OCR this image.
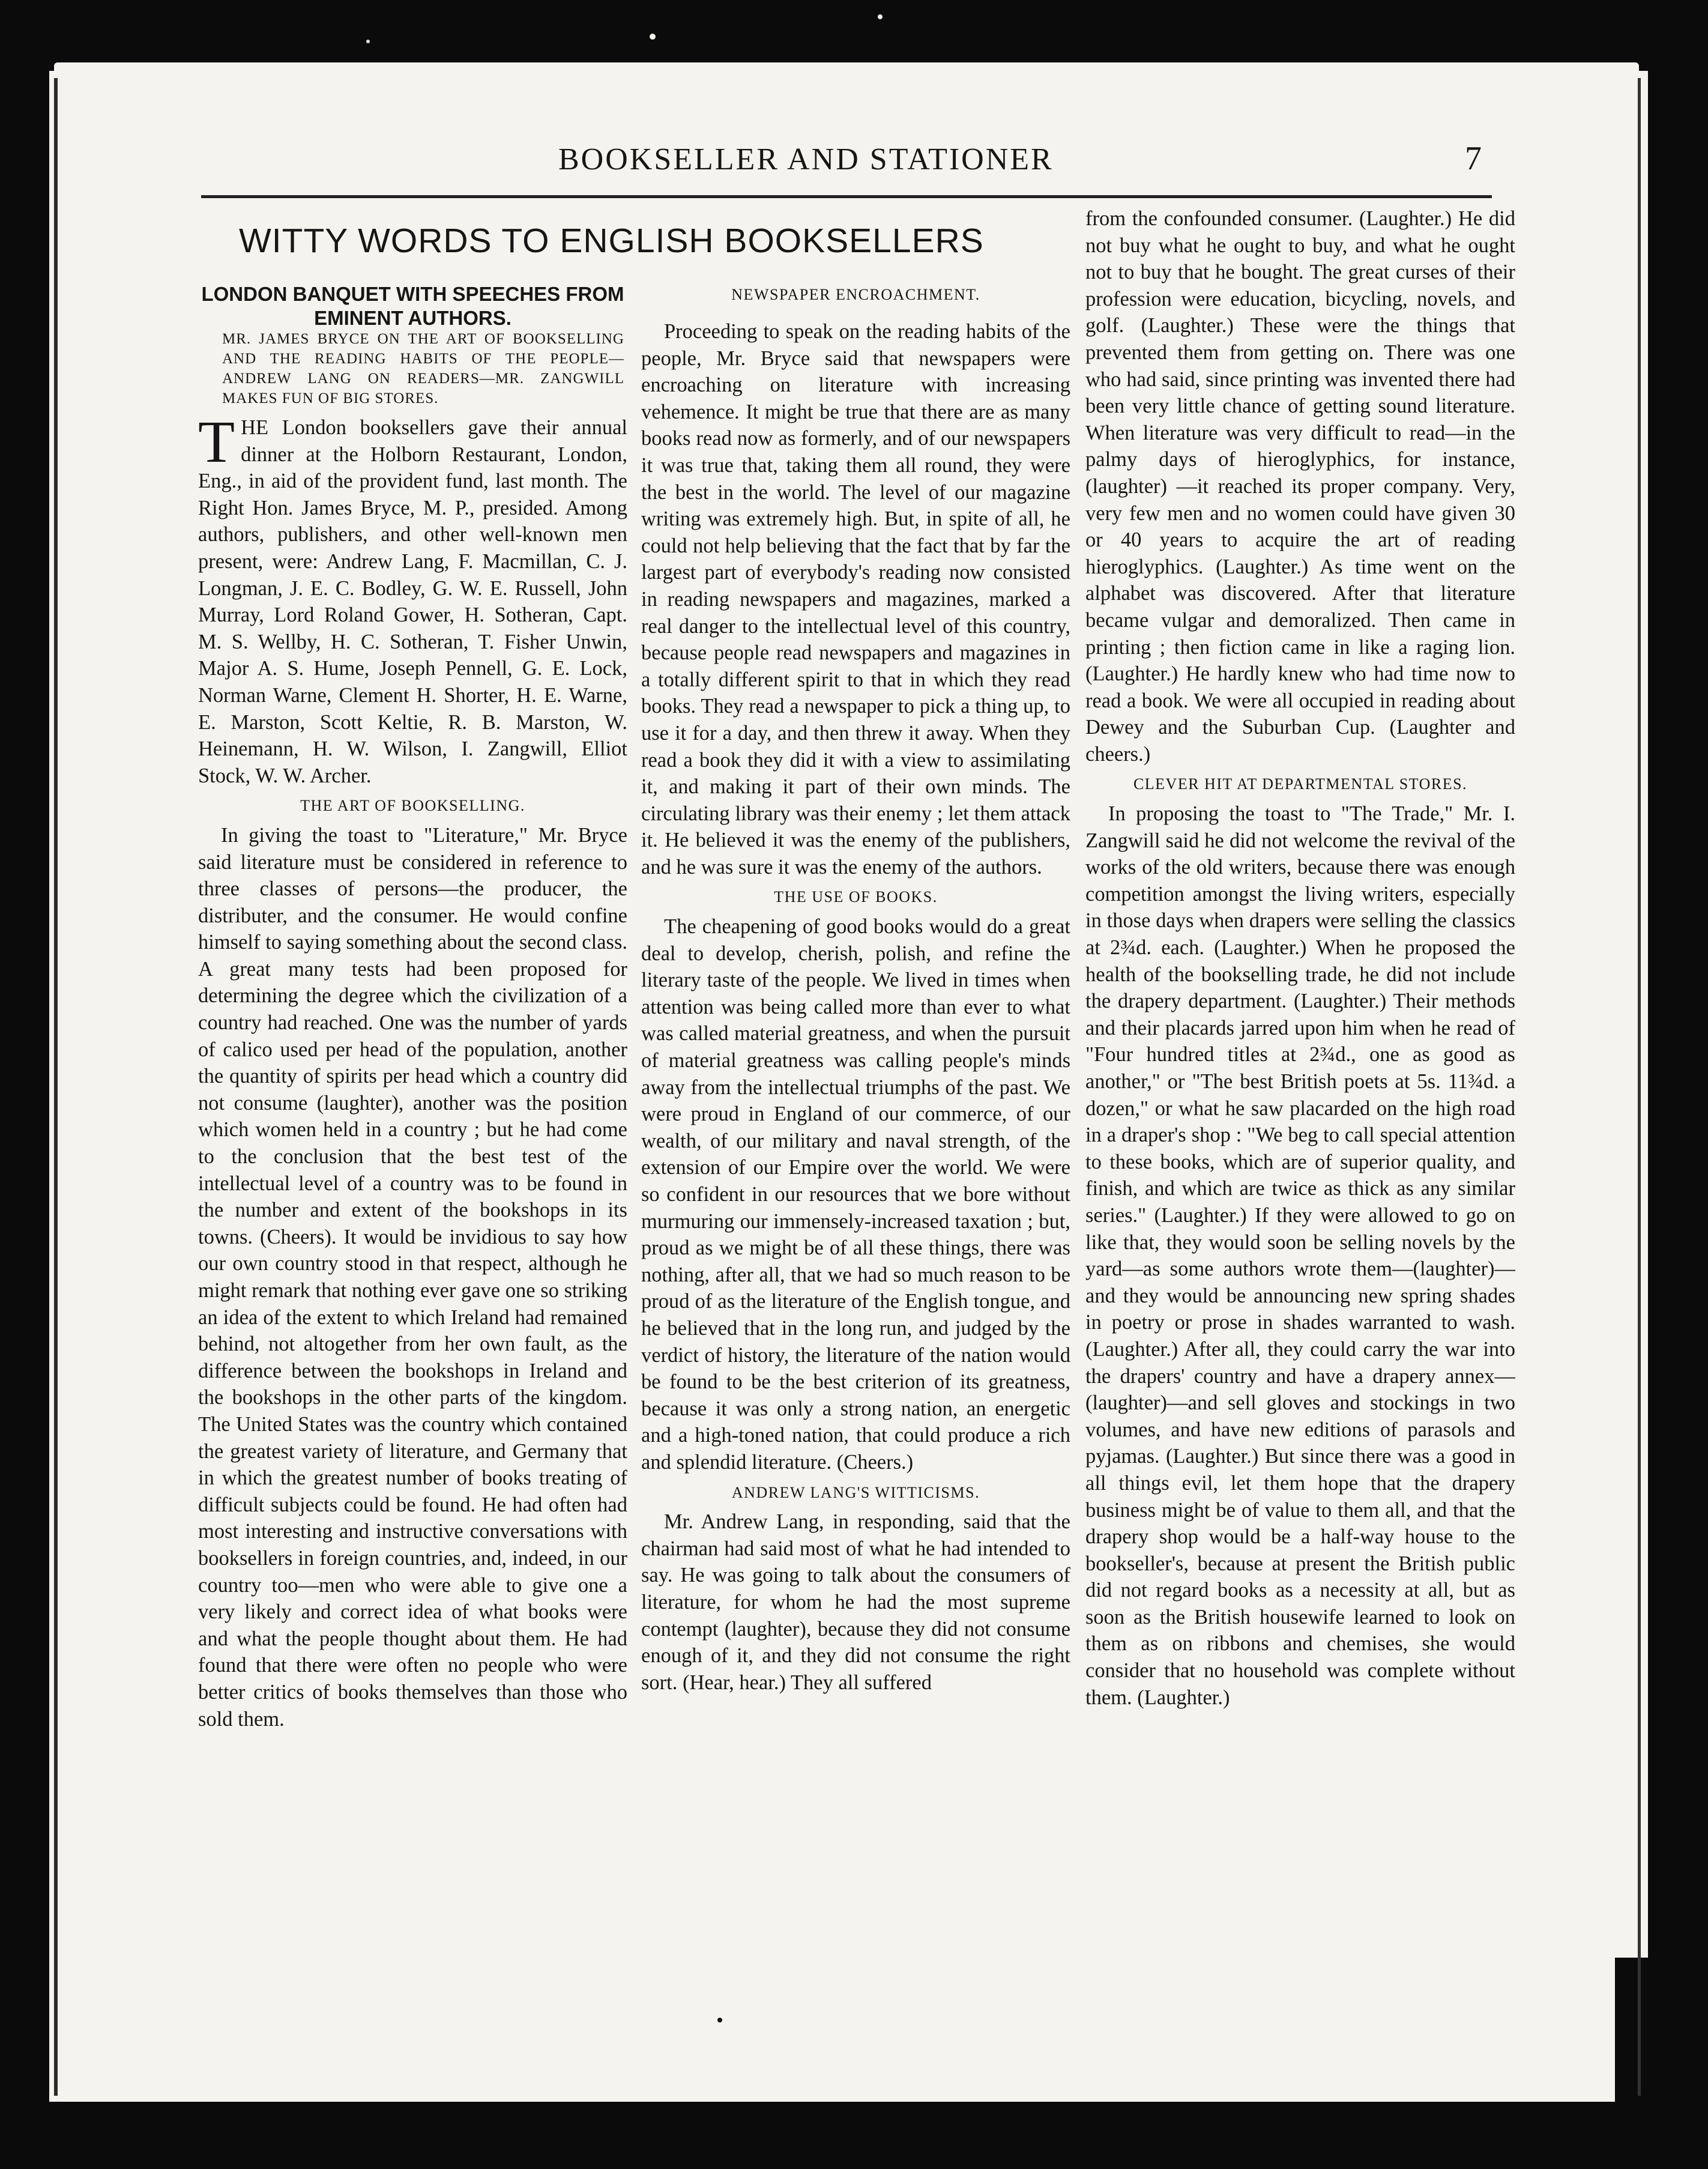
BOOKSELLER AND STATIONER	7
WITTY WORDS TO ENGLISH BOOKSELLERS
LONDON BANQUET WITH SPEECHES FROM EMINENT AUTHORS.
MR. JAMES BRYCE ON THE ART OF BOOKSELLING AND THE READING HABITS OF THE PEOPLE—ANDREW LANG ON READERS—MR. ZANGWILL MAKES FUN OF BIG STORES.

THE London booksellers gave their annual dinner at the Holborn Restaurant, London, Eng., in aid of the provident fund, last month. The Right Hon. James Bryce, M. P., presided. Among authors, publishers, and other well-known men present, were: Andrew Lang, F. Macmillan, C. J. Longman, J. E. C. Bodley, G. W. E. Russell, John Murray, Lord Roland Gower, H. Sotheran, Capt. M. S. Wellby, H. C. Sotheran, T. Fisher Unwin, Major A. S. Hume, Joseph Pennell, G. E. Lock, Norman Warne, Clement H. Shorter, H. E. Warne, E. Marston, Scott Keltie, R. B. Marston, W. Heinemann, H. W. Wilson, I. Zangwill, Elliot Stock, W. W. Archer.

THE ART OF BOOKSELLING.

In giving the toast to "Literature," Mr. Bryce said literature must be considered in reference to three classes of persons—the producer, the distributer, and the consumer. He would confine himself to saying something about the second class. A great many tests had been proposed for determining the degree which the civilization of a country had reached. One was the number of yards of calico used per head of the population, another the quantity of spirits per head which a country did not consume (laughter), another was the position which women held in a country ; but he had come to the conclusion that the best test of the intellectual level of a country was to be found in the number and extent of the bookshops in its towns. (Cheers). It would be invidious to say how our own country stood in that respect, although he might remark that nothing ever gave one so striking an idea of the extent to which Ireland had remained behind, not altogether from her own fault, as the difference between the bookshops in Ireland and the bookshops in the other parts of the kingdom. The United States was the country which contained the greatest variety of literature, and Germany that in which the greatest number of books treating of difficult subjects could be found. He had often had most interesting and instructive conversations with booksellers in foreign countries, and, indeed, in our country too—men who were able to give one a very likely and correct idea of what books were and what the people thought about them. He had found that there were often no people who were better critics of books themselves than those who sold them.

NEWSPAPER ENCROACHMENT.

Proceeding to speak on the reading habits of the people, Mr. Bryce said that newspapers were encroaching on literature with increasing vehemence. It might be true that there are as many books read now as formerly, and of our newspapers it was true that, taking them all round, they were the best in the world. The level of our magazine writing was extremely high. But, in spite of all, he could not help believing that the fact that by far the largest part of everybody's reading now consisted in reading newspapers and magazines, marked a real danger to the intellectual level of this country, because people read newspapers and magazines in a totally different spirit to that in which they read books. They read a newspaper to pick a thing up, to use it for a day, and then threw it away. When they read a book they did it with a view to assimilating it, and making it part of their own minds. The circulating library was their enemy ; let them attack it. He believed it was the enemy of the publishers, and he was sure it was the enemy of the authors.

THE USE OF BOOKS.

The cheapening of good books would do a great deal to develop, cherish, polish, and refine the literary taste of the people. We lived in times when attention was being called more than ever to what was called material greatness, and when the pursuit of material greatness was calling people's minds away from the intellectual triumphs of the past. We were proud in England of our commerce, of our wealth, of our military and naval strength, of the extension of our Empire over the world. We were so confident in our resources that we bore without murmuring our immensely-increased taxation ; but, proud as we might be of all these things, there was nothing, after all, that we had so much reason to be proud of as the literature of the English tongue, and he believed that in the long run, and judged by the verdict of history, the literature of the nation would be found to be the best criterion of its greatness, because it was only a strong nation, an energetic and a high-toned nation, that could produce a rich and splendid literature. (Cheers.)

ANDREW LANG'S WITTICISMS.

Mr. Andrew Lang, in responding, said that the chairman had said most of what he had intended to say. He was going to talk about the consumers of literature, for whom he had the most supreme contempt (laughter), because they did not consume enough of it, and they did not consume the right sort. (Hear, hear.) They all suffered

from the confounded consumer. (Laughter.) He did not buy what he ought to buy, and what he ought not to buy that he bought. The great curses of their profession were education, bicycling, novels, and golf. (Laughter.) These were the things that prevented them from getting on. There was one who had said, since printing was invented there had been very little chance of getting sound literature. When literature was very difficult to read—in the palmy days of hieroglyphics, for instance, (laughter) —it reached its proper company. Very, very few men and no women could have given 30 or 40 years to acquire the art of reading hieroglyphics. (Laughter.) As time went on the alphabet was discovered. After that literature became vulgar and demoralized. Then came in printing ; then fiction came in like a raging lion. (Laughter.) He hardly knew who had time now to read a book. We were all occupied in reading about Dewey and the Suburban Cup. (Laughter and cheers.)

CLEVER HIT AT DEPARTMENTAL STORES.

In proposing the toast to "The Trade," Mr. I. Zangwill said he did not welcome the revival of the works of the old writers, because there was enough competition amongst the living writers, especially in those days when drapers were selling the classics at 2¾d. each. (Laughter.) When he proposed the health of the bookselling trade, he did not include the drapery department. (Laughter.) Their methods and their placards jarred upon him when he read of "Four hundred titles at 2¾d., one as good as another," or "The best British poets at 5s. 11¾d. a dozen," or what he saw placarded on the high road in a draper's shop : "We beg to call special attention to these books, which are of superior quality, and finish, and which are twice as thick as any similar series." (Laughter.) If they were allowed to go on like that, they would soon be selling novels by the yard—as some authors wrote them—(laughter)—and they would be announcing new spring shades in poetry or prose in shades warranted to wash. (Laughter.) After all, they could carry the war into the drapers' country and have a drapery annex—(laughter)—and sell gloves and stockings in two volumes, and have new editions of parasols and pyjamas. (Laughter.) But since there was a good in all things evil, let them hope that the drapery business might be of value to them all, and that the drapery shop would be a half-way house to the bookseller's, because at present the British public did not regard books as a necessity at all, but as soon as the British housewife learned to look on them as on ribbons and chemises, she would consider that no household was complete without them. (Laughter.)
